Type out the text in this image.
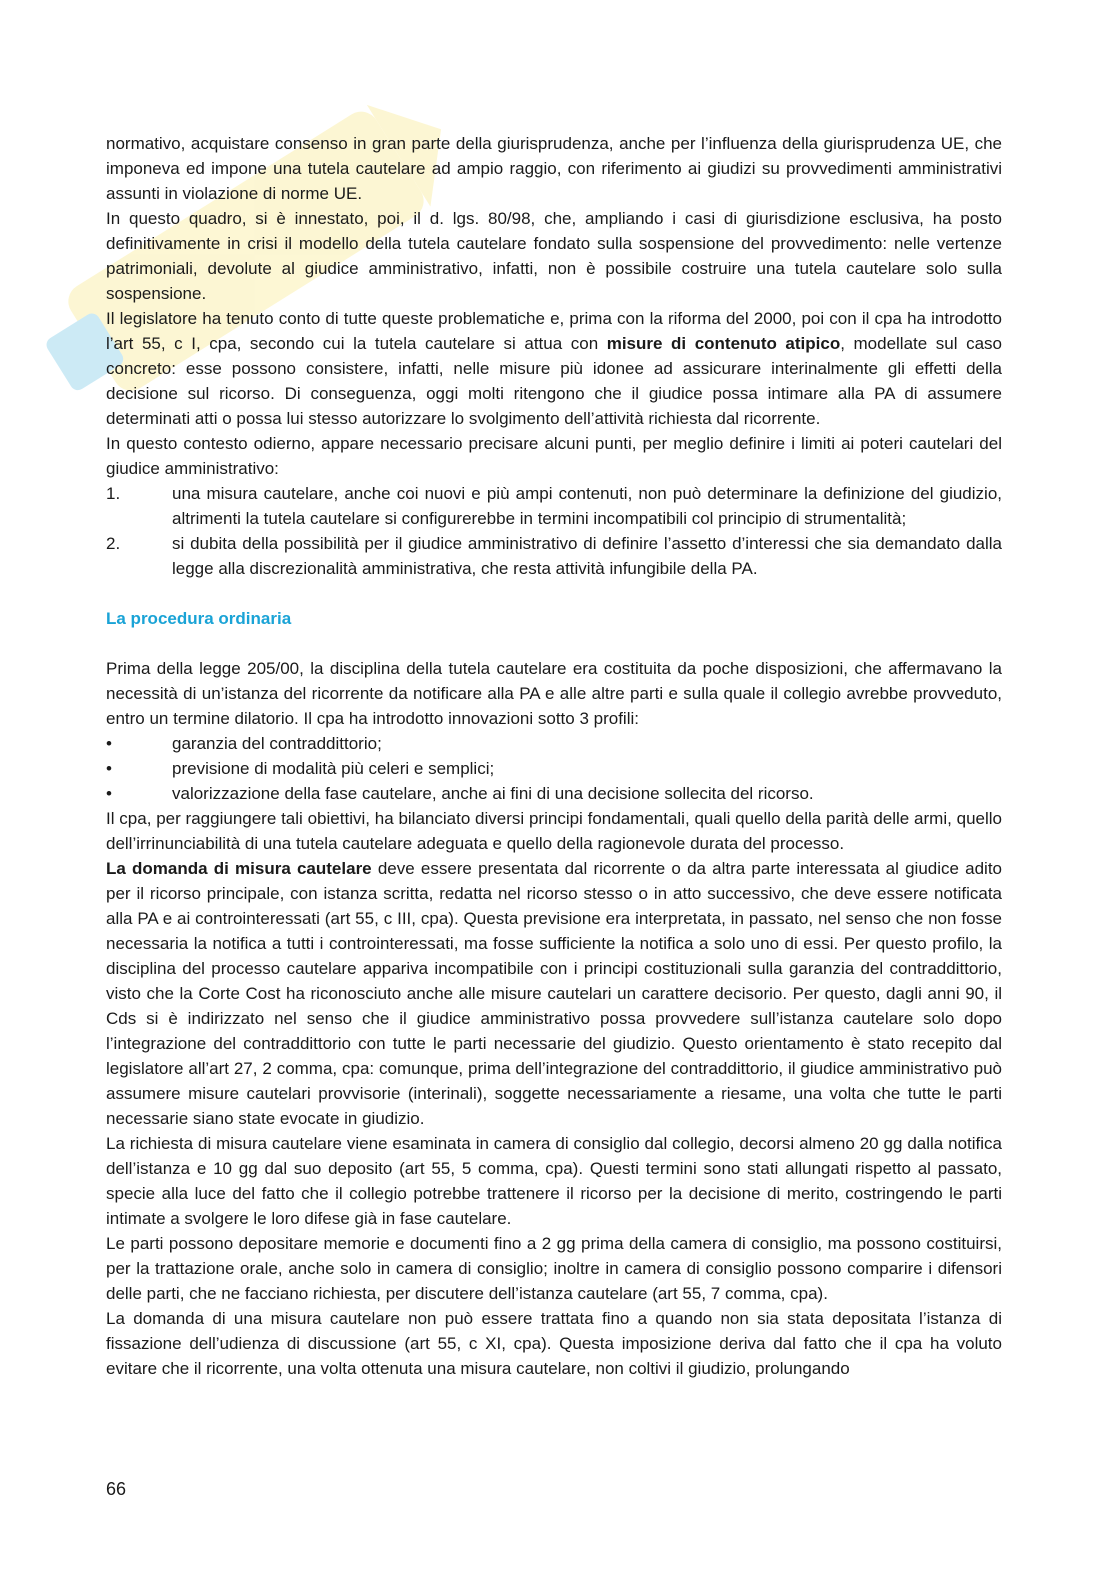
normativo, acquistare consenso in gran parte della giurisprudenza, anche per l’influenza della giurisprudenza UE, che imponeva ed impone una tutela cautelare ad ampio raggio, con riferimento ai giudizi su provvedimenti amministrativi assunti in violazione di norme UE.

In questo quadro, si è innestato, poi, il d. lgs. 80/98, che, ampliando i casi di giurisdizione esclusiva, ha posto definitivamente in crisi il modello della tutela cautelare fondato sulla sospensione del provvedimento: nelle vertenze patrimoniali, devolute al giudice amministrativo, infatti, non è possibile costruire una tutela cautelare solo sulla sospensione.

Il legislatore ha tenuto conto di tutte queste problematiche e, prima con la riforma del 2000, poi con il cpa ha introdotto l’art 55, c I, cpa, secondo cui la tutela cautelare si attua con misure di contenuto atipico, modellate sul caso concreto: esse possono consistere, infatti, nelle misure più idonee ad assicurare interinalmente gli effetti della decisione sul ricorso. Di conseguenza, oggi molti ritengono che il giudice possa intimare alla PA di assumere determinati atti o possa lui stesso autorizzare lo svolgimento dell’attività richiesta dal ricorrente.

In questo contesto odierno, appare necessario precisare alcuni punti, per meglio definire i limiti ai poteri cautelari del giudice amministrativo:

1.	una misura cautelare, anche coi nuovi e più ampi contenuti, non può determinare la definizione del giudizio, altrimenti la tutela cautelare si configurerebbe in termini incompatibili col principio di strumentalità;
2.	si dubita della possibilità per il giudice amministrativo di definire l’assetto d’interessi che sia demandato dalla legge alla discrezionalità amministrativa, che resta attività infungibile della PA.

La procedura ordinaria

Prima della legge 205/00, la disciplina della tutela cautelare era costituita da poche disposizioni, che affermavano la necessità di un’istanza del ricorrente da notificare alla PA e alle altre parti e sulla quale il collegio avrebbe provveduto, entro un termine dilatorio. Il cpa ha introdotto innovazioni sotto 3 profili:

•	garanzia del contraddittorio;
•	previsione di modalità più celeri e semplici;
•	valorizzazione della fase cautelare, anche ai fini di una decisione sollecita del ricorso.

Il cpa, per raggiungere tali obiettivi, ha bilanciato diversi principi fondamentali, quali quello della parità delle armi, quello dell’irrinunciabilità di una tutela cautelare adeguata e quello della ragionevole durata del processo.

La domanda di misura cautelare deve essere presentata dal ricorrente o da altra parte interessata al giudice adito per il ricorso principale, con istanza scritta, redatta nel ricorso stesso o in atto successivo, che deve essere notificata alla PA e ai controinteressati (art 55, c III, cpa). Questa previsione era interpretata, in passato, nel senso che non fosse necessaria la notifica a tutti i controinteressati, ma fosse sufficiente la notifica a solo uno di essi. Per questo profilo, la disciplina del processo cautelare appariva incompatibile con i principi costituzionali sulla garanzia del contraddittorio, visto che la Corte Cost ha riconosciuto anche alle misure cautelari un carattere decisorio. Per questo, dagli anni 90, il Cds si è indirizzato nel senso che il giudice amministrativo possa provvedere sull’istanza cautelare solo dopo l’integrazione del contraddittorio con tutte le parti necessarie del giudizio. Questo orientamento è stato recepito dal legislatore all’art 27, 2 comma, cpa: comunque, prima dell’integrazione del contraddittorio, il giudice amministrativo può assumere misure cautelari provvisorie (interinali), soggette necessariamente a riesame, una volta che tutte le parti necessarie siano state evocate in giudizio.

La richiesta di misura cautelare viene esaminata in camera di consiglio dal collegio, decorsi almeno 20 gg dalla notifica dell’istanza e 10 gg dal suo deposito (art 55, 5 comma, cpa). Questi termini sono stati allungati rispetto al passato, specie alla luce del fatto che il collegio potrebbe trattenere il ricorso per la decisione di merito, costringendo le parti intimate a svolgere le loro difese già in fase cautelare.

Le parti possono depositare memorie e documenti fino a 2 gg prima della camera di consiglio, ma possono costituirsi, per la trattazione orale, anche solo in camera di consiglio; inoltre in camera di consiglio possono comparire i difensori delle parti, che ne facciano richiesta, per discutere dell’istanza cautelare (art 55, 7 comma, cpa).

La domanda di una misura cautelare non può essere trattata fino a quando non sia stata depositata l’istanza di fissazione dell’udienza di discussione (art 55, c XI, cpa). Questa imposizione deriva dal fatto che il cpa ha voluto evitare che il ricorrente, una volta ottenuta una misura cautelare, non coltivi il giudizio, prolungando

66
